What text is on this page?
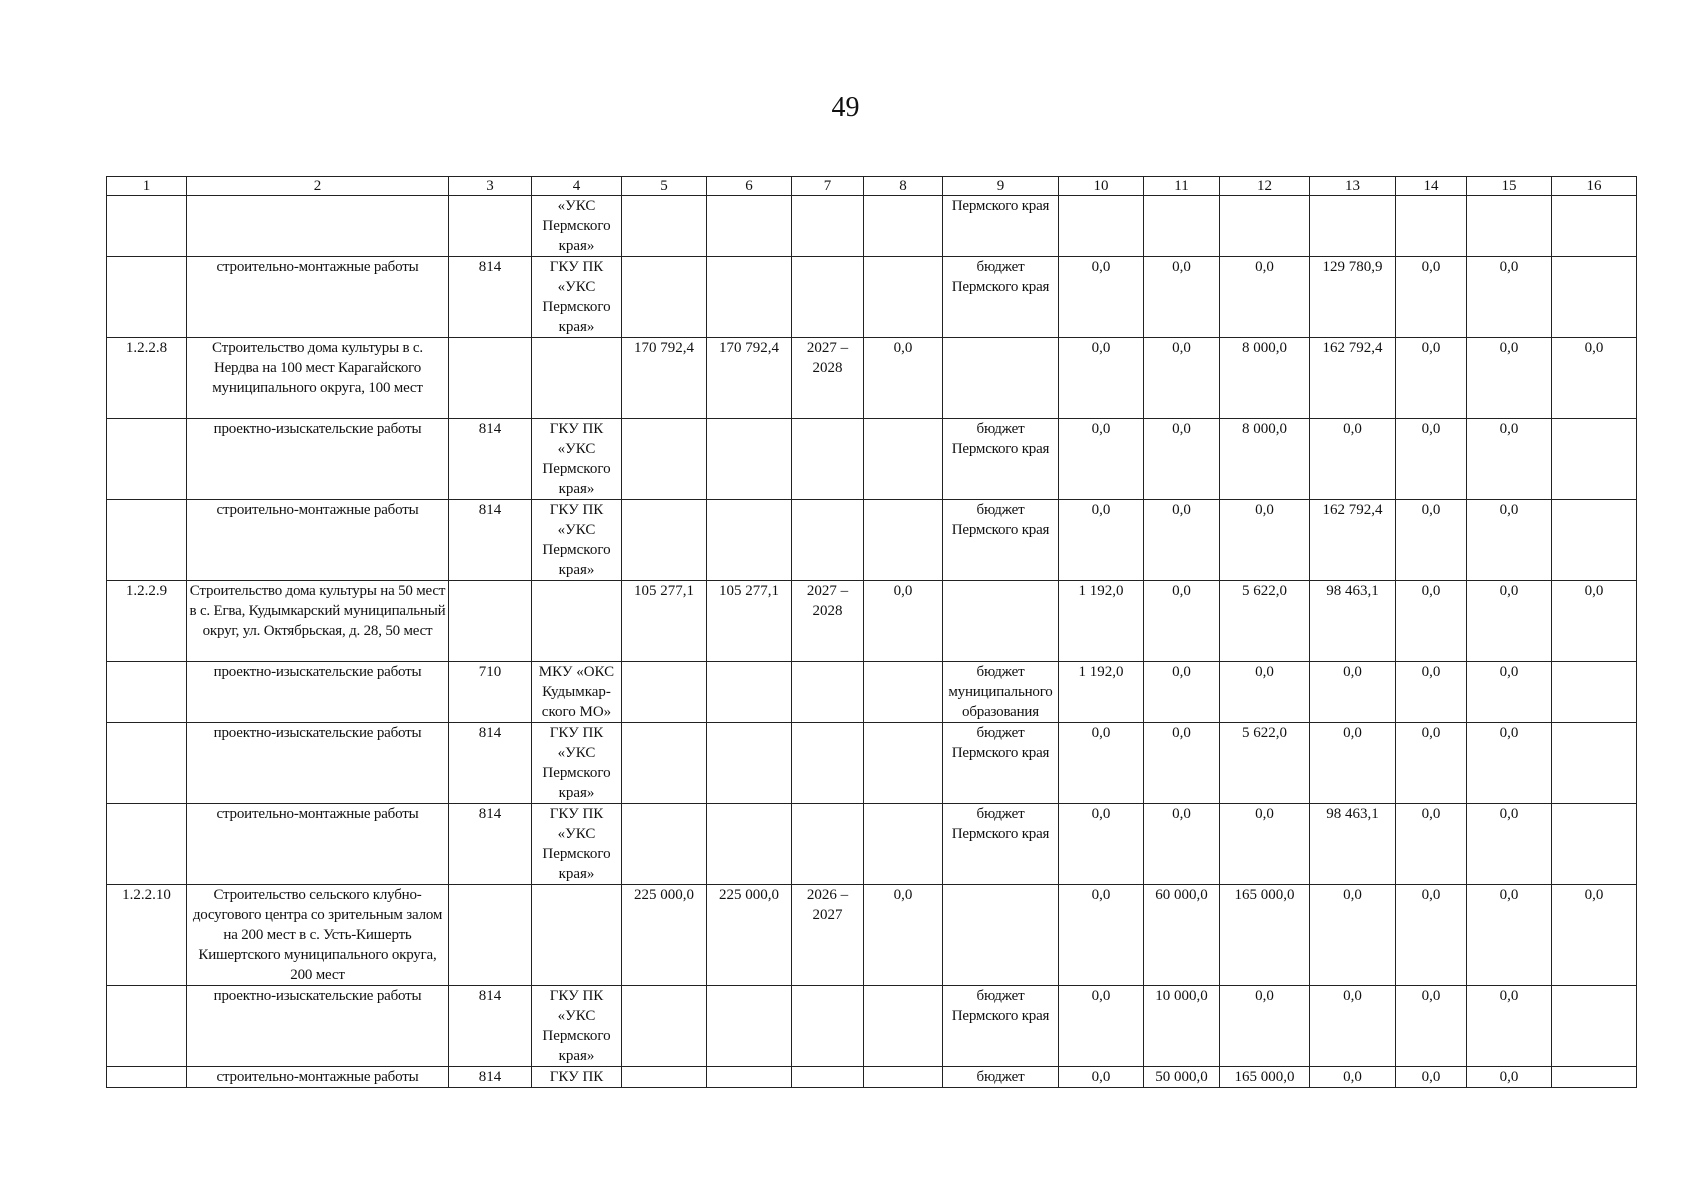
49
1	2	3	4	5	6	7	8	9	10	11	12	13	14	15	16
			«УКС Пермского края»					Пермского края							
	строительно-монтажные работы	814	ГКУ ПК «УКС Пермского края»					бюджет Пермского края	0,0	0,0	0,0	129 780,9	0,0	0,0	
1.2.2.8	Строительство дома культуры в с. Нердва на 100 мест Карагайского муниципального округа, 100 мест			170 792,4	170 792,4	2027 – 2028	0,0		0,0	0,0	8 000,0	162 792,4	0,0	0,0	0,0
	проектно-изыскательские работы	814	ГКУ ПК «УКС Пермского края»					бюджет Пермского края	0,0	0,0	8 000,0	0,0	0,0	0,0	
	строительно-монтажные работы	814	ГКУ ПК «УКС Пермского края»					бюджет Пермского края	0,0	0,0	0,0	162 792,4	0,0	0,0	
1.2.2.9	Строительство дома культуры на 50 мест в с. Егва, Кудымкарский муниципальный округ, ул. Октябрьская, д. 28, 50 мест			105 277,1	105 277,1	2027 – 2028	0,0		1 192,0	0,0	5 622,0	98 463,1	0,0	0,0	0,0
	проектно-изыскательские работы	710	МКУ «ОКС Кудымкар-ского МО»					бюджет муниципального образования	1 192,0	0,0	0,0	0,0	0,0	0,0	
	проектно-изыскательские работы	814	ГКУ ПК «УКС Пермского края»					бюджет Пермского края	0,0	0,0	5 622,0	0,0	0,0	0,0	
	строительно-монтажные работы	814	ГКУ ПК «УКС Пермского края»					бюджет Пермского края	0,0	0,0	0,0	98 463,1	0,0	0,0	
1.2.2.10	Строительство сельского клубно-досугового центра со зрительным залом на 200 мест в с. Усть-Кишерть Кишертского муниципального округа, 200 мест			225 000,0	225 000,0	2026 – 2027	0,0		0,0	60 000,0	165 000,0	0,0	0,0	0,0	0,0
	проектно-изыскательские работы	814	ГКУ ПК «УКС Пермского края»					бюджет Пермского края	0,0	10 000,0	0,0	0,0	0,0	0,0	
	строительно-монтажные работы	814	ГКУ ПК					бюджет	0,0	50 000,0	165 000,0	0,0	0,0	0,0	
